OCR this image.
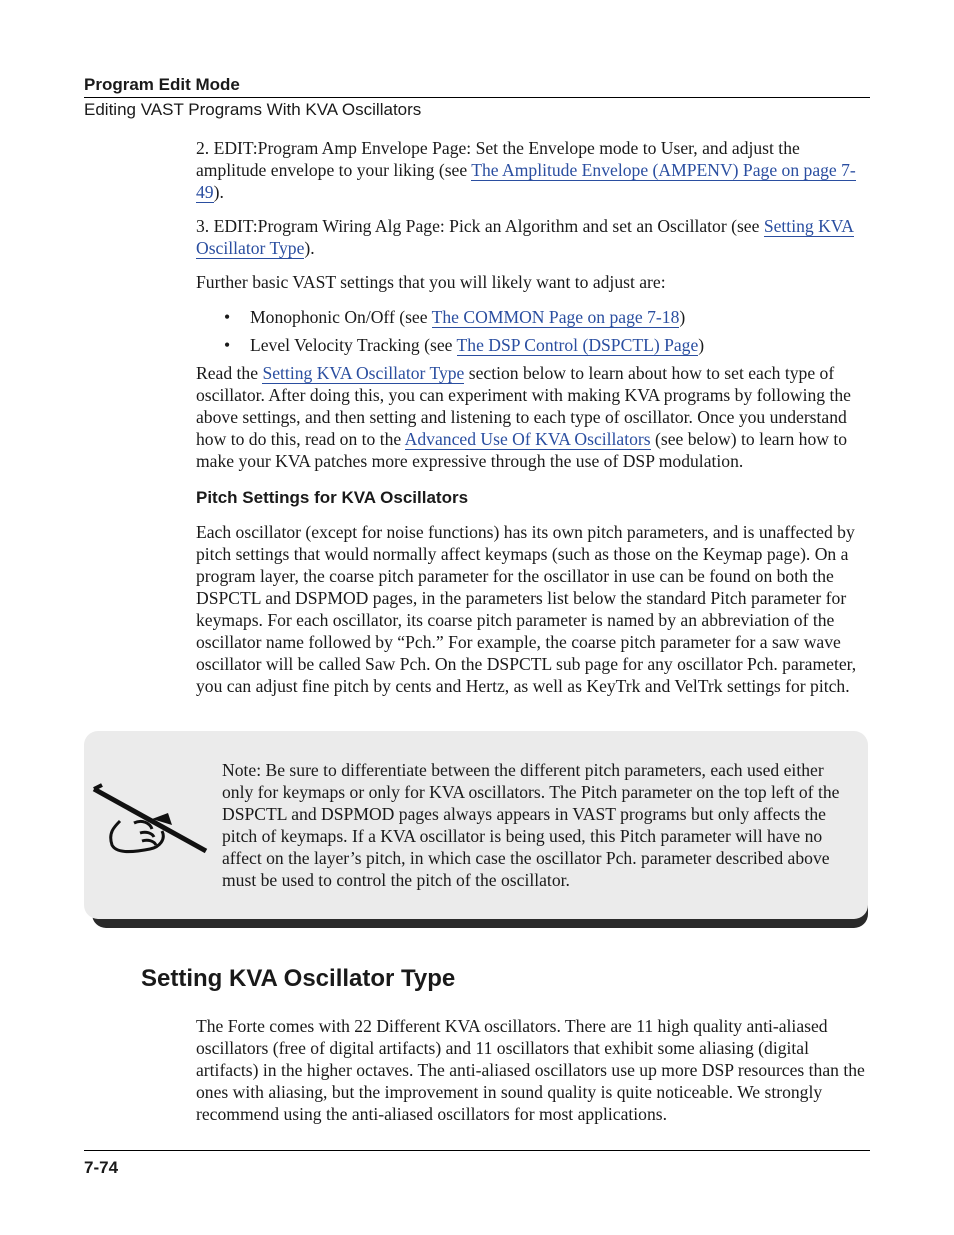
Program Edit Mode
Editing VAST Programs With KVA Oscillators

2. EDIT:Program Amp Envelope Page: Set the Envelope mode to User, and adjust the amplitude envelope to your liking (see The Amplitude Envelope (AMPENV) Page on page 7-49).

3. EDIT:Program Wiring Alg Page: Pick an Algorithm and set an Oscillator (see Setting KVA Oscillator Type).

Further basic VAST settings that you will likely want to adjust are:

• Monophonic On/Off (see The COMMON Page on page 7-18)
• Level Velocity Tracking (see The DSP Control (DSPCTL) Page)

Read the Setting KVA Oscillator Type section below to learn about how to set each type of oscillator. After doing this, you can experiment with making KVA programs by following the above settings, and then setting and listening to each type of oscillator. Once you understand how to do this, read on to the Advanced Use Of KVA Oscillators (see below) to learn how to make your KVA patches more expressive through the use of DSP modulation.

Pitch Settings for KVA Oscillators

Each oscillator (except for noise functions) has its own pitch parameters, and is unaffected by pitch settings that would normally affect keymaps (such as those on the Keymap page). On a program layer, the coarse pitch parameter for the oscillator in use can be found on both the DSPCTL and DSPMOD pages, in the parameters list below the standard Pitch parameter for keymaps. For each oscillator, its coarse pitch parameter is named by an abbreviation of the oscillator name followed by “Pch.” For example, the coarse pitch parameter for a saw wave oscillator will be called Saw Pch. On the DSPCTL sub page for any oscillator Pch. parameter, you can adjust fine pitch by cents and Hertz, as well as KeyTrk and VelTrk settings for pitch.

Note: Be sure to differentiate between the different pitch parameters, each used either only for keymaps or only for KVA oscillators. The Pitch parameter on the top left of the DSPCTL and DSPMOD pages always appears in VAST programs but only affects the pitch of keymaps. If a KVA oscillator is being used, this Pitch parameter will have no affect on the layer’s pitch, in which case the oscillator Pch. parameter described above must be used to control the pitch of the oscillator.
Setting KVA Oscillator Type

The Forte comes with 22 Different KVA oscillators. There are 11 high quality anti-aliased oscillators (free of digital artifacts) and 11 oscillators that exhibit some aliasing (digital artifacts) in the higher octaves. The anti-aliased oscillators use up more DSP resources than the ones with aliasing, but the improvement in sound quality is quite noticeable. We strongly recommend using the anti-aliased oscillators for most applications.

7-74
